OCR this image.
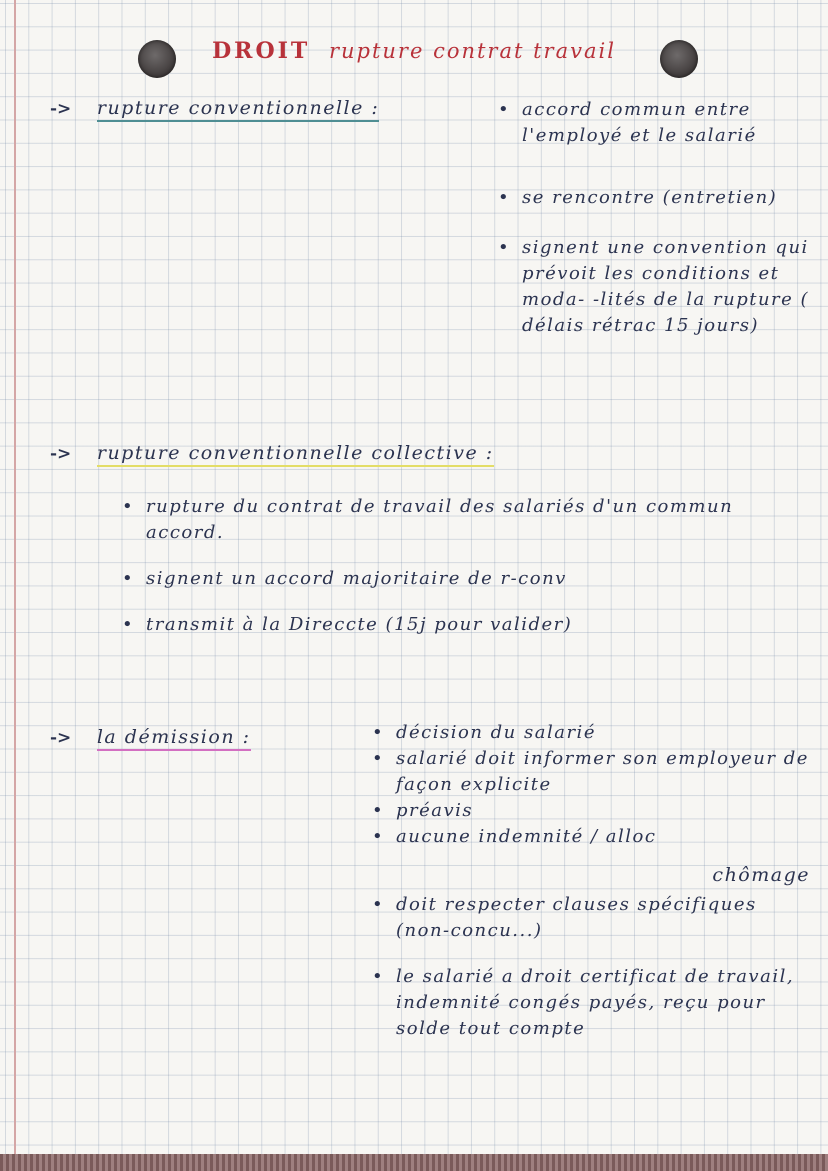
DROIT rupture contrat travail
-> rupture conventionnelle :	• accord commun entre l'employé et le salarié
• se rencontre (entretien)
• signent une convention qui prévoit les conditions et moda- -lités de la rupture ( délais rétrac 15 jours)
-> rupture conventionnelle collective :
• rupture du contrat de travail des salariés d'un commun accord.
• signent un accord majoritaire de r-conv
• transmit à la Direccte (15j pour valider)
-> la démission :	• décision du salarié
• salarié doit informer son employeur de façon explicite
• préavis
• aucune indemnité / alloc
chômage
• doit respecter clauses spécifiques (non-concu...)
• le salarié a droit certificat de travail, indemnité congés payés, reçu pour solde tout compte
